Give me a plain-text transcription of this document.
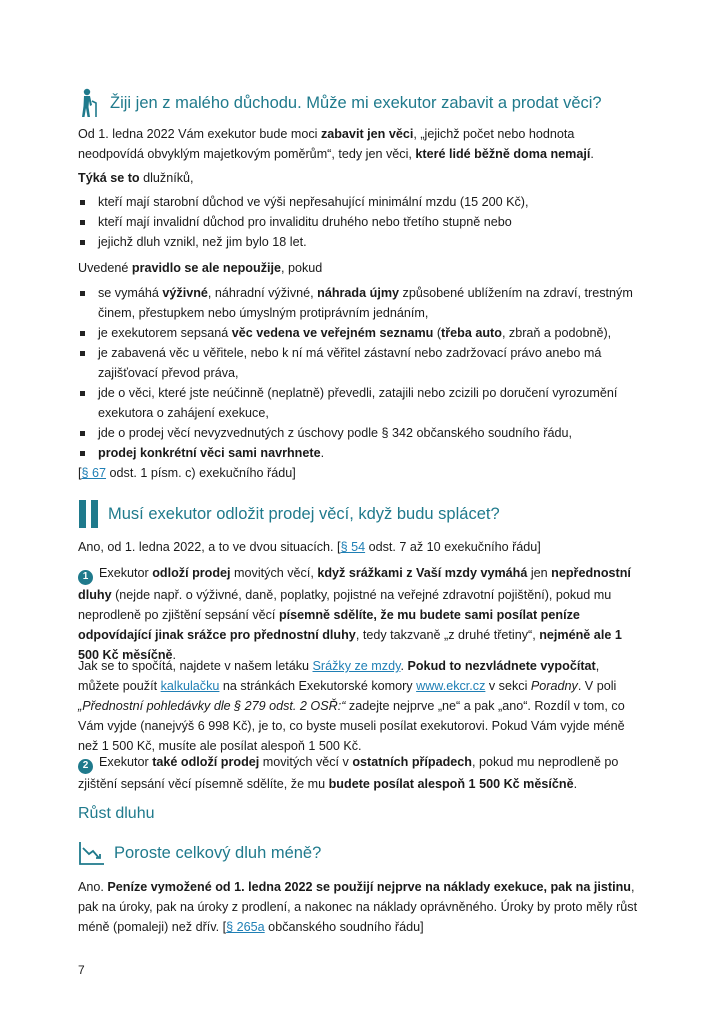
Žiji jen z malého důchodu. Může mi exekutor zabavit a prodat věci?

Od 1. ledna 2022 Vám exekutor bude moci zabavit jen věci, „jejichž počet nebo hodnota neodpovídá obvyklým majetkovým poměrům“, tedy jen věci, které lidé běžně doma nemají.

Týká se to dlužníků,

kteří mají starobní důchod ve výši nepřesahující minimální mzdu (15 200 Kč),
kteří mají invalidní důchod pro invaliditu druhého nebo třetího stupně nebo
jejichž dluh vznikl, než jim bylo 18 let.

Uvedené pravidlo se ale nepoužije, pokud

se vymáhá výživné, náhradní výživné, náhrada újmy způsobené ublížením na zdraví, trestným činem, přestupkem nebo úmyslným protiprávním jednáním,
je exekutorem sepsaná věc vedena ve veřejném seznamu (třeba auto, zbraň a podobně),
je zabavená věc u věřitele, nebo k ní má věřitel zástavní nebo zadržovací právo anebo má zajišťovací převod práva,
jde o věci, které jste neúčinně (neplatně) převedli, zatajili nebo zcizili po doručení vyrozumění exekutora o zahájení exekuce,
jde o prodej věcí nevyzvednutých z úschovy podle § 342 občanského soudního řádu,
prodej konkrétní věci sami navrhnete.

[§ 67 odst. 1 písm. c) exekučního řádu]

Musí exekutor odložit prodej věcí, když budu splácet?

Ano, od 1. ledna 2022, a to ve dvou situacích. [§ 54 odst. 7 až 10 exekučního řádu]

1 Exekutor odloží prodej movitých věcí, když srážkami z Vaší mzdy vymáhá jen nepřednostní dluhy (nejde např. o výživné, daně, poplatky, pojistné na veřejné zdravotní pojištění), pokud mu neprodleně po zjištění sepsání věcí písemně sdělíte, že mu budete sami posílat peníze odpovídající jinak srážce pro přednostní dluhy, tedy takzvaně „z druhé třetiny“, nejméně ale 1 500 Kč měsíčně.

Jak se to spočítá, najdete v našem letáku Srážky ze mzdy. Pokud to nezvládnete vypočítat, můžete použít kalkulačku na stránkách Exekutorské komory www.ekcr.cz v sekci Poradny. V poli „Přednostní pohledávky dle § 279 odst. 2 OSŘ:“ zadejte nejprve „ne“ a pak „ano“. Rozdíl v tom, co Vám vyjde (nanejvýš 6 998 Kč), je to, co byste museli posílat exekutorovi. Pokud Vám vyjde méně než 1 500 Kč, musíte ale posílat alespoň 1 500 Kč.

2 Exekutor také odloží prodej movitých věcí v ostatních případech, pokud mu neprodleně po zjištění sepsání věcí písemně sdělíte, že mu budete posílat alespoň 1 500 Kč měsíčně.

Růst dluhu
Poroste celkový dluh méně?

Ano. Peníze vymožené od 1. ledna 2022 se použijí nejprve na náklady exekuce, pak na jistinu, pak na úroky, pak na úroky z prodlení, a nakonec na náklady oprávněného. Úroky by proto měly růst méně (pomaleji) než dřív. [§ 265a občanského soudního řádu]

7
